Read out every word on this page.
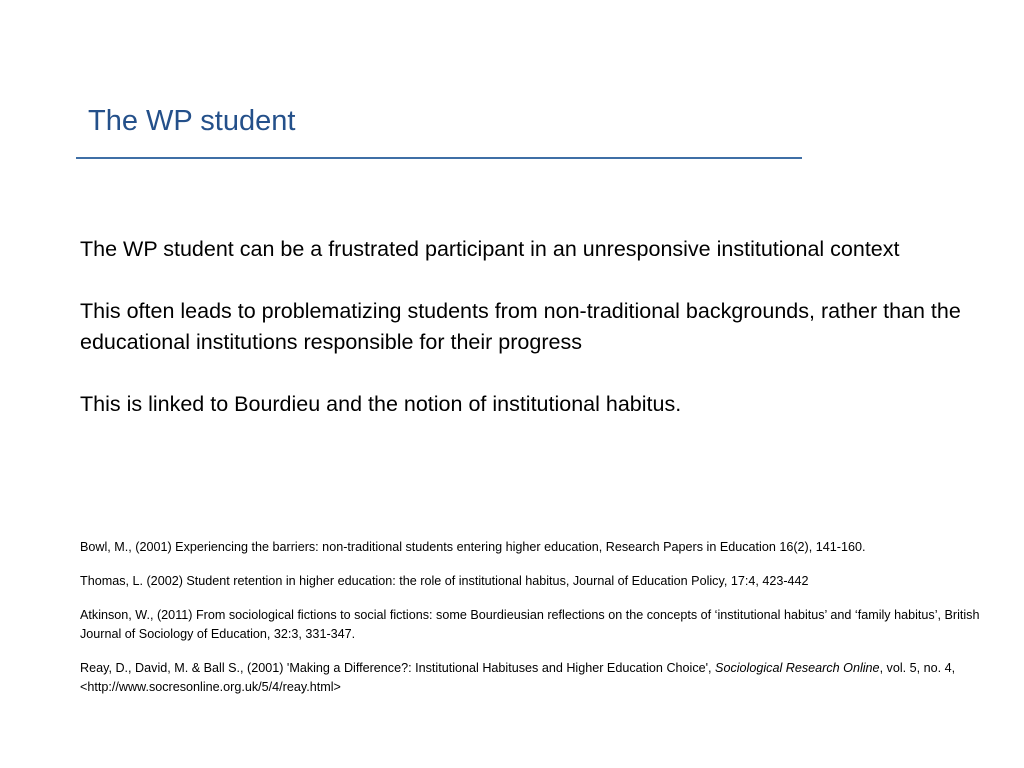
The WP student

The WP student can be a frustrated participant in an unresponsive institutional context

This often leads to problematizing students from non-traditional backgrounds, rather than the educational institutions responsible for their progress

This is linked to Bourdieu and the notion of institutional habitus.

Bowl, M., (2001) Experiencing the barriers: non-traditional students entering higher education, Research Papers in Education 16(2), 141-160.

Thomas, L. (2002) Student retention in higher education: the role of institutional habitus, Journal of Education Policy, 17:4, 423-442

Atkinson, W., (2011) From sociological fictions to social fictions: some Bourdieusian reflections on the concepts of ‘institutional habitus’ and ‘family habitus’, British Journal of Sociology of Education, 32:3, 331-347.

Reay, D., David, M. & Ball S., (2001) 'Making a Difference?: Institutional Habituses and Higher Education Choice', Sociological Research Online, vol. 5, no. 4,
<http://www.socresonline.org.uk/5/4/reay.html>
